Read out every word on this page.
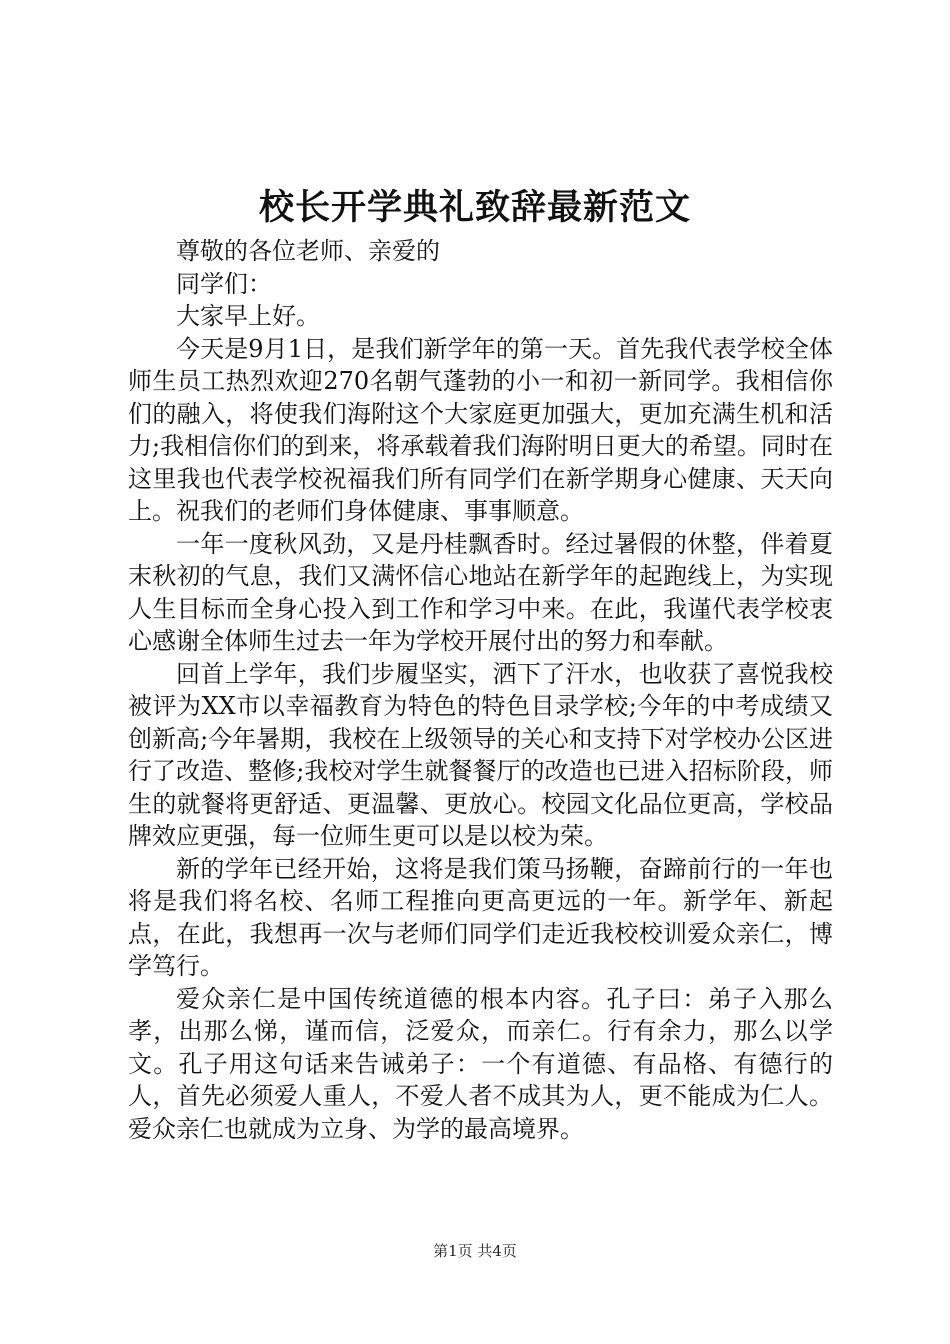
校长开学典礼致辞最新范文

尊敬的各位老师、亲爱的

同学们：

大家早上好。

今天是9月1日，是我们新学年的第一天。首先我代表学校全体师生员工热烈欢迎270名朝气蓬勃的小一和初一新同学。我相信你们的融入，将使我们海附这个大家庭更加强大，更加充满生机和活力;我相信你们的到来，将承载着我们海附明日更大的希望。同时在这里我也代表学校祝福我们所有同学们在新学期身心健康、天天向上。祝我们的老师们身体健康、事事顺意。

一年一度秋风劲，又是丹桂飘香时。经过暑假的休整，伴着夏末秋初的气息，我们又满怀信心地站在新学年的起跑线上，为实现人生目标而全身心投入到工作和学习中来。在此，我谨代表学校衷心感谢全体师生过去一年为学校开展付出的努力和奉献。

回首上学年，我们步履坚实，洒下了汗水，也收获了喜悦我校被评为XX市以幸福教育为特色的特色目录学校;今年的中考成绩又创新高;今年暑期，我校在上级领导的关心和支持下对学校办公区进行了改造、整修;我校对学生就餐餐厅的改造也已进入招标阶段，师生的就餐将更舒适、更温馨、更放心。校园文化品位更高，学校品牌效应更强，每一位师生更可以是以校为荣。

新的学年已经开始，这将是我们策马扬鞭，奋蹄前行的一年也将是我们将名校、名师工程推向更高更远的一年。新学年、新起点，在此，我想再一次与老师们同学们走近我校校训爱众亲仁，博学笃行。

爱众亲仁是中国传统道德的根本内容。孔子曰：弟子入那么孝，出那么悌，谨而信，泛爱众，而亲仁。行有余力，那么以学文。孔子用这句话来告诫弟子：一个有道德、有品格、有德行的人，首先必须爱人重人，不爱人者不成其为人，更不能成为仁人。爱众亲仁也就成为立身、为学的最高境界。

第1页 共4页
